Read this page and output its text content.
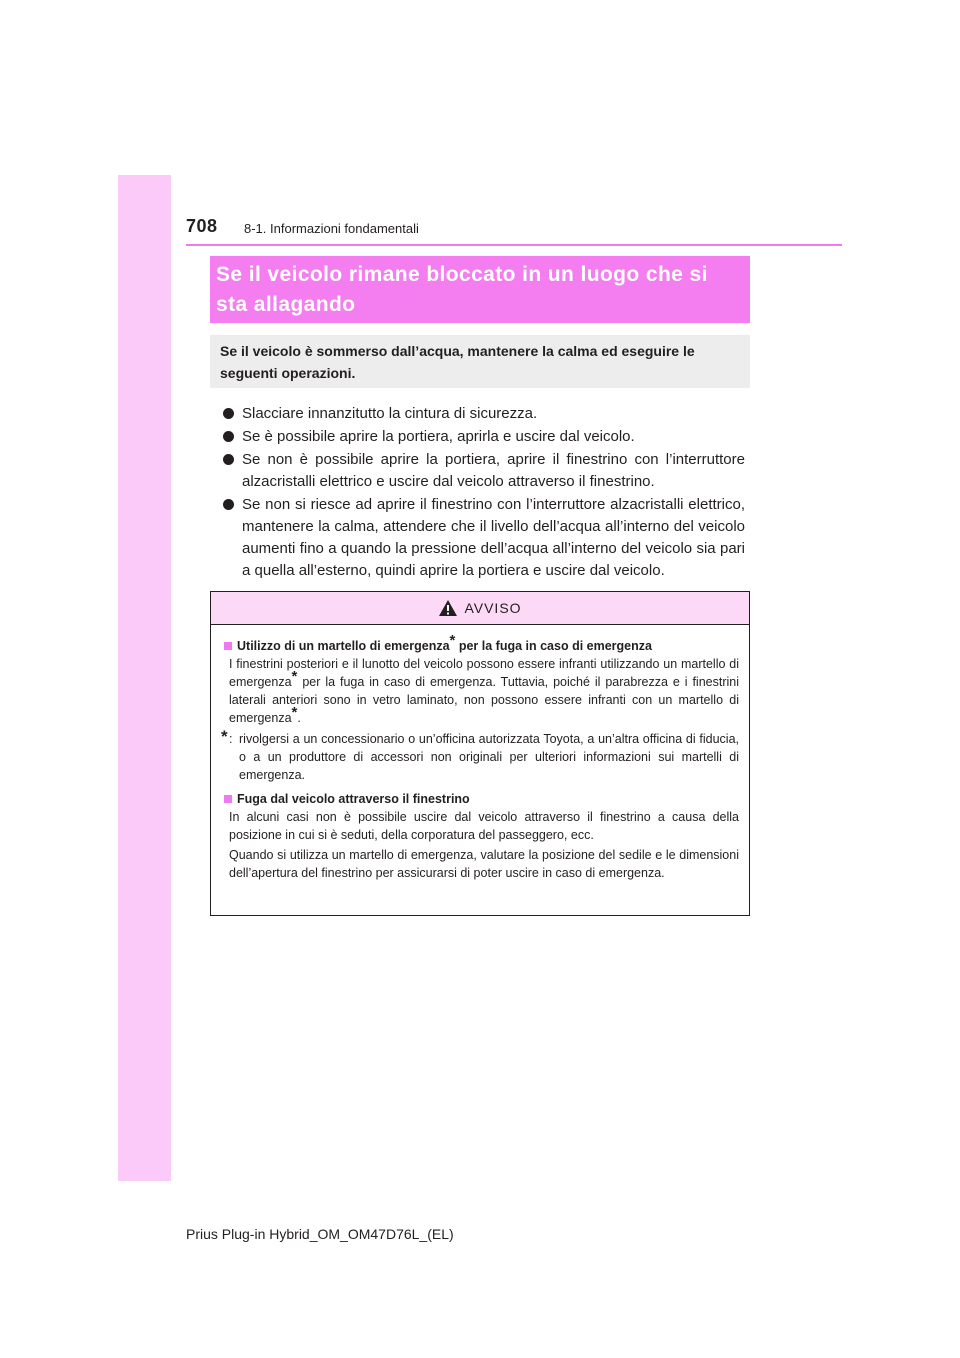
708 8-1. Informazioni fondamentali
Se il veicolo rimane bloccato in un luogo che si
sta allagando
Se il veicolo è sommerso dall’acqua, mantenere la calma ed eseguire le
seguenti operazioni.
Slacciare innanzitutto la cintura di sicurezza.
Se è possibile aprire la portiera, aprirla e uscire dal veicolo.
Se non è possibile aprire la portiera, aprire il finestrino con l’interruttore alzacristalli elettrico e uscire dal veicolo attraverso il finestrino.
Se non si riesce ad aprire il finestrino con l’interruttore alzacristalli elettrico, mantenere la calma, attendere che il livello dell’acqua all’interno del veicolo aumenti fino a quando la pressione dell’acqua all’interno del veicolo sia pari a quella all’esterno, quindi aprire la portiera e uscire dal veicolo.
AVVISO
Utilizzo di un martello di emergenza* per la fuga in caso di emergenza
I finestrini posteriori e il lunotto del veicolo possono essere infranti utilizzando un martello di emergenza* per la fuga in caso di emergenza. Tuttavia, poiché il parabrezza e i finestrini laterali anteriori sono in vetro laminato, non possono essere infranti con un martello di emergenza*.
* : rivolgersi a un concessionario o un’officina autorizzata Toyota, a un’altra officina di fiducia, o a un produttore di accessori non originali per ulteriori informazioni sui martelli di emergenza.
Fuga dal veicolo attraverso il finestrino
In alcuni casi non è possibile uscire dal veicolo attraverso il finestrino a causa della posizione in cui si è seduti, della corporatura del passeggero, ecc.
Quando si utilizza un martello di emergenza, valutare la posizione del sedile e le dimensioni dell’apertura del finestrino per assicurarsi di poter uscire in caso di emergenza.
Prius Plug-in Hybrid_OM_OM47D76L_(EL)
